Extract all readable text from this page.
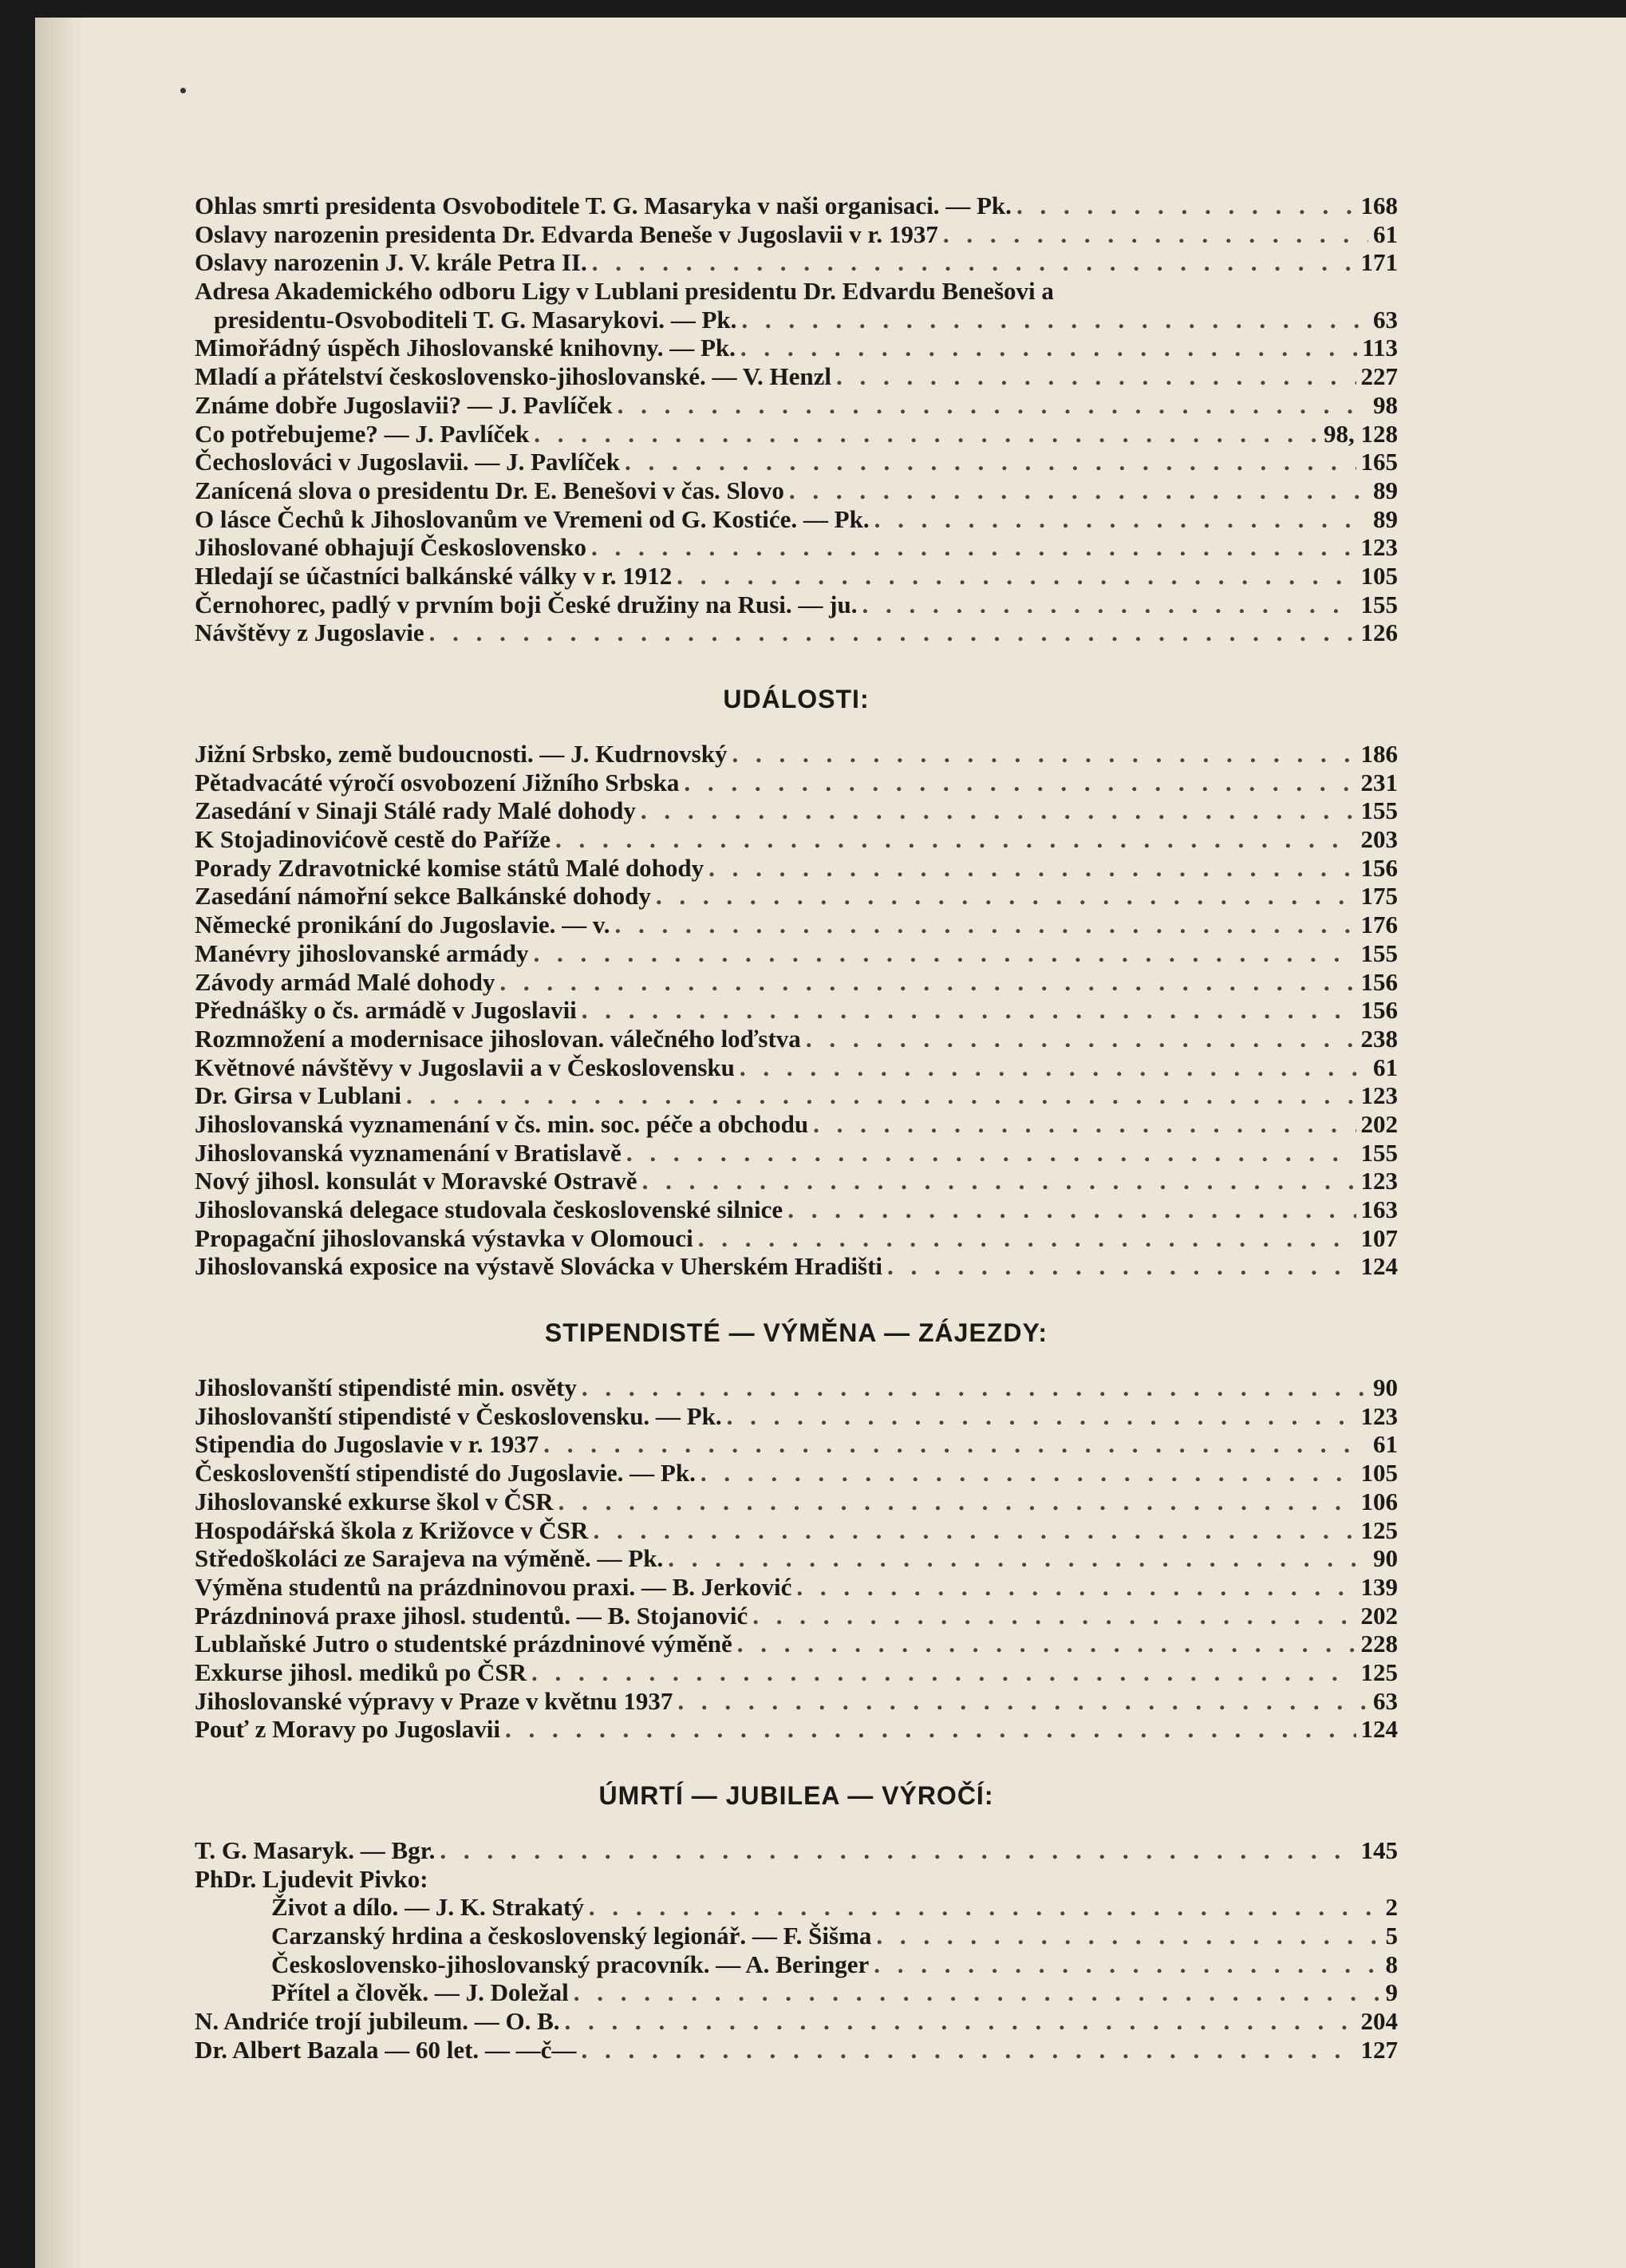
Ohlas smrti presidenta Osvoboditele T. G. Masaryka v naši organisaci. — Pk. . . .	168
Oslavy narozenin presidenta Dr. Edvarda Beneše v Jugoslavii v r. 1937 . . .	61
Oslavy narozenin J. V. krále Petra II. . . .	171
Adresa Akademického odboru Ligy v Lublani presidentu Dr. Edvardu Benešovi a
presidentu-Osvoboditeli T. G. Masarykovi. — Pk. . . .	63
Mimořádný úspěch Jihoslovanské knihovny. — Pk. . . .	113
Mladí a přátelství československo-jihoslovanské. — V. Henzl . . .	227
Známe dobře Jugoslavii? — J. Pavlíček . . .	98
Co potřebujeme? — J. Pavlíček . . .	98, 128
Čechoslováci v Jugoslavii. — J. Pavlíček . . .	165
Zanícená slova o presidentu Dr. E. Benešovi v čas. Slovo . . .	89
O lásce Čechů k Jihoslovanům ve Vremeni od G. Kostiće. — Pk. . . .	89
Jihoslované obhajují Československo . . .	123
Hledají se účastníci balkánské války v r. 1912 . . .	105
Černohorec, padlý v prvním boji České družiny na Rusi. — ju. . . .	155
Návštěvy z Jugoslavie . . .	126
UDÁLOSTI:
Jižní Srbsko, země budoucnosti. — J. Kudrnovský . . .	186
Pětadvacáté výročí osvobození Jižního Srbska . . .	231
Zasedání v Sinaji Stálé rady Malé dohody . . .	155
K Stojadinovićově cestě do Paříže . . .	203
Porady Zdravotnické komise států Malé dohody . . .	156
Zasedání námořní sekce Balkánské dohody . . .	175
Německé pronikání do Jugoslavie. — v. . . .	176
Manévry jihoslovanské armády . . .	155
Závody armád Malé dohody . . .	156
Přednášky o čs. armádě v Jugoslavii . . .	156
Rozmnožení a modernisace jihoslovan. válečného loďstva . . .	238
Květnové návštěvy v Jugoslavii a v Československu . . .	61
Dr. Girsa v Lublani . . .	123
Jihoslovanská vyznamenání v čs. min. soc. péče a obchodu . . .	202
Jihoslovanská vyznamenání v Bratislavě . . .	155
Nový jihosl. konsulát v Moravské Ostravě . . .	123
Jihoslovanská delegace studovala československé silnice . . .	163
Propagační jihoslovanská výstavka v Olomouci . . .	107
Jihoslovanská exposice na výstavě Slovácka v Uherském Hradišti . . .	124
STIPENDISTÉ — VÝMĚNA — ZÁJEZDY:
Jihoslovanští stipendisté min. osvěty . . .	90
Jihoslovanští stipendisté v Československu. — Pk. . . .	123
Stipendia do Jugoslavie v r. 1937 . . .	61
Českoslovenští stipendisté do Jugoslavie. — Pk. . . .	105
Jihoslovanské exkurse škol v ČSR . . .	106
Hospodářská škola z Križovce v ČSR . . .	125
Středoškoláci ze Sarajeva na výměně. — Pk. . . .	90
Výměna studentů na prázdninovou praxi. — B. Jerković . . .	139
Prázdninová praxe jihosl. studentů. — B. Stojanović . . .	202
Lublaňské Jutro o studentské prázdninové výměně . . .	228
Exkurse jihosl. mediků po ČSR . . .	125
Jihoslovanské výpravy v Praze v květnu 1937 . . .	63
Pouť z Moravy po Jugoslavii . . .	124
ÚMRTÍ — JUBILEA — VÝROČÍ:
T. G. Masaryk. — Bgr. . . .	145
PhDr. Ljudevit Pivko:
Život a dílo. — J. K. Strakatý . . .	2
Carzanský hrdina a československý legionář. — F. Šišma . . .	5
Československo-jihoslovanský pracovník. — A. Beringer . . .	8
Přítel a člověk. — J. Doležal . . .	9
N. Andriće trojí jubileum. — O. B. . . .	204
Dr. Albert Bazala — 60 let. — —č— . . .	127
